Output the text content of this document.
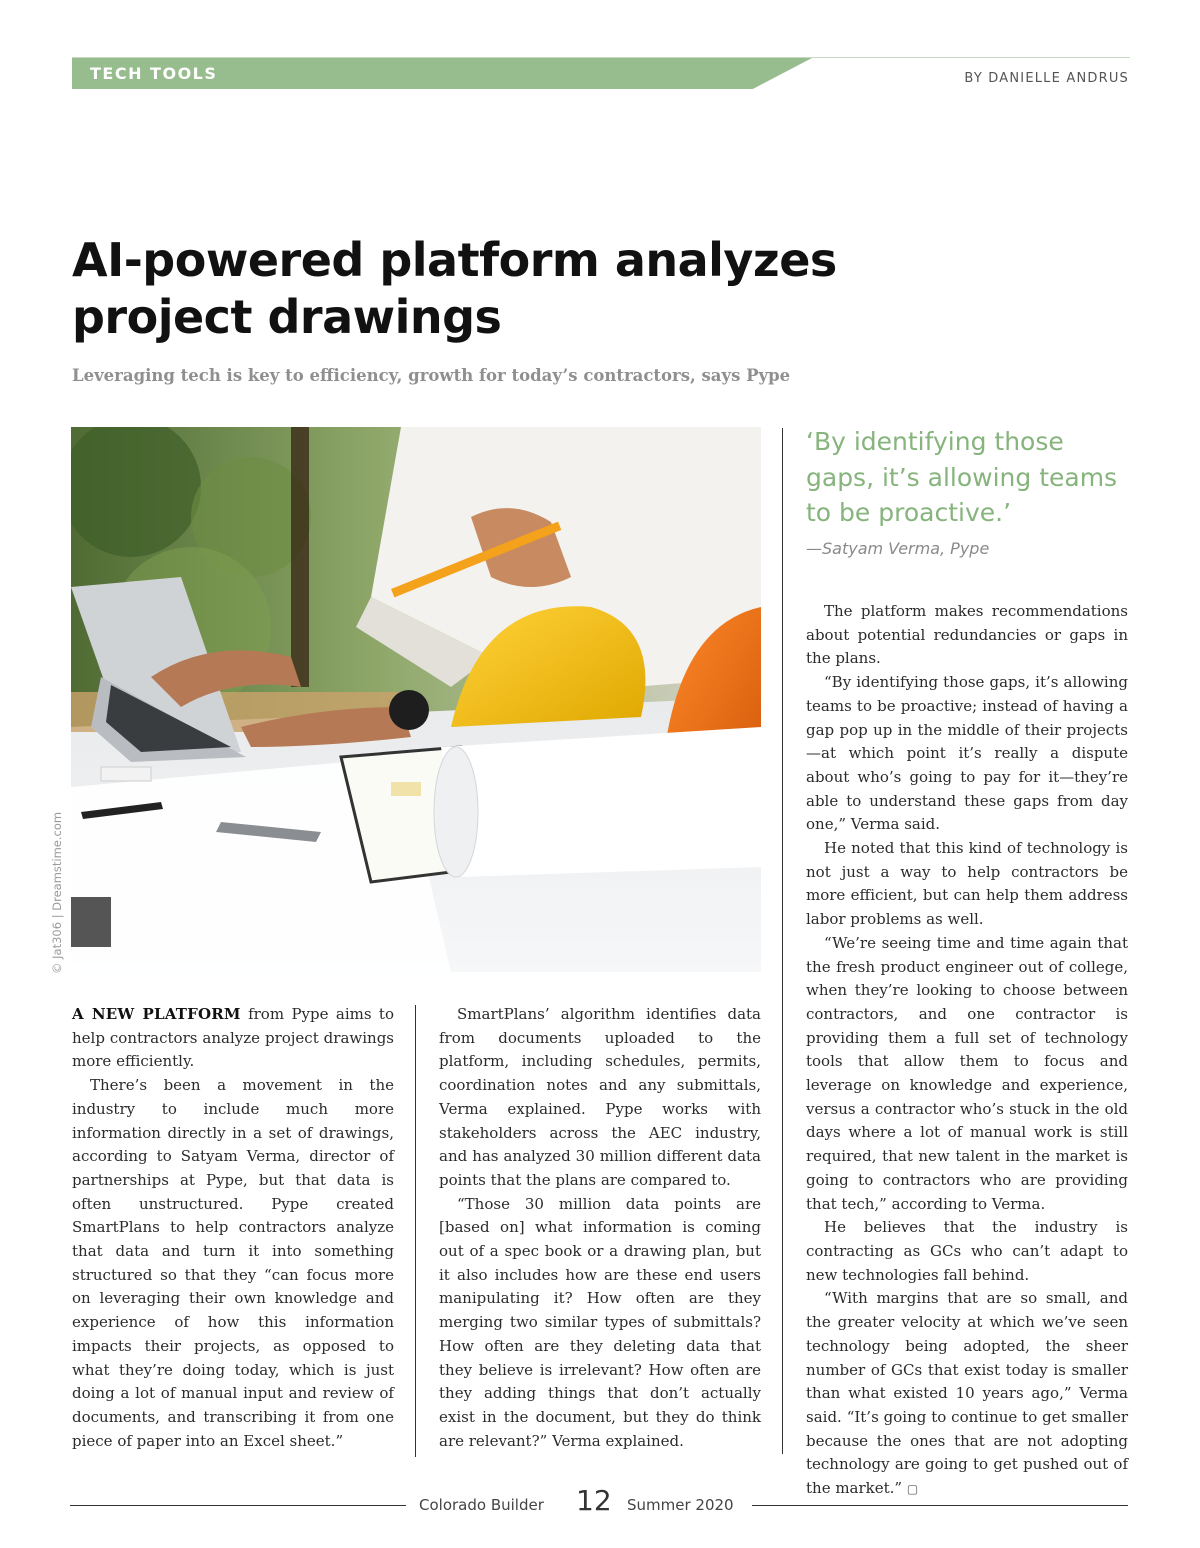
TECH TOOLS	BY DANIELLE ANDRUS
AI-powered platform analyzes project drawings

Leveraging tech is key to efficiency, growth for today’s contractors, says Pype

© Jat306 | Dreamstime.com

‘By identifying those gaps, it’s allowing teams to be proactive.’

—Satyam Verma, Pype

A NEW PLATFORM from Pype aims to help contractors analyze project drawings more efficiently.

There’s been a movement in the industry to include much more information directly in a set of drawings, according to Satyam Verma, director of partnerships at Pype, but that data is often unstructured. Pype created SmartPlans to help contractors analyze that data and turn it into something structured so that they “can focus more on leveraging their own knowledge and experience of how this information impacts their projects, as opposed to what they’re doing today, which is just doing a lot of manual input and review of documents, and transcribing it from one piece of paper into an Excel sheet.”

SmartPlans’ algorithm identifies data from documents uploaded to the platform, including schedules, permits, coordination notes and any submittals, Verma explained. Pype works with stakeholders across the AEC industry, and has analyzed 30 million different data points that the plans are compared to.

“Those 30 million data points are [based on] what information is coming out of a spec book or a drawing plan, but it also includes how are these end users manipulating it? How often are they merging two similar types of submittals? How often are they deleting data that they believe is irrelevant? How often are they adding things that don’t actually exist in the document, but they do think are relevant?” Verma explained.

The platform makes recommendations about potential redundancies or gaps in the plans.

“By identifying those gaps, it’s allowing teams to be proactive; instead of having a gap pop up in the middle of their projects—at which point it’s really a dispute about who’s going to pay for it—they’re able to understand these gaps from day one,” Verma said.

He noted that this kind of technology is not just a way to help contractors be more efficient, but can help them address labor problems as well.

“We’re seeing time and time again that the fresh product engineer out of college, when they’re looking to choose between contractors, and one contractor is providing them a full set of technology tools that allow them to focus and leverage on knowledge and experience, versus a contractor who’s stuck in the old days where a lot of manual work is still required, that new talent in the market is going to contractors who are providing that tech,” according to Verma.

He believes that the industry is contracting as GCs who can’t adapt to new technologies fall behind.

“With margins that are so small, and the greater velocity at which we’ve seen technology being adopted, the sheer number of GCs that exist today is smaller than what existed 10 years ago,” Verma said. “It’s going to continue to get smaller because the ones that are not adopting technology are going to get pushed out of the market.” ▢

Colorado Builder 12 Summer 2020
